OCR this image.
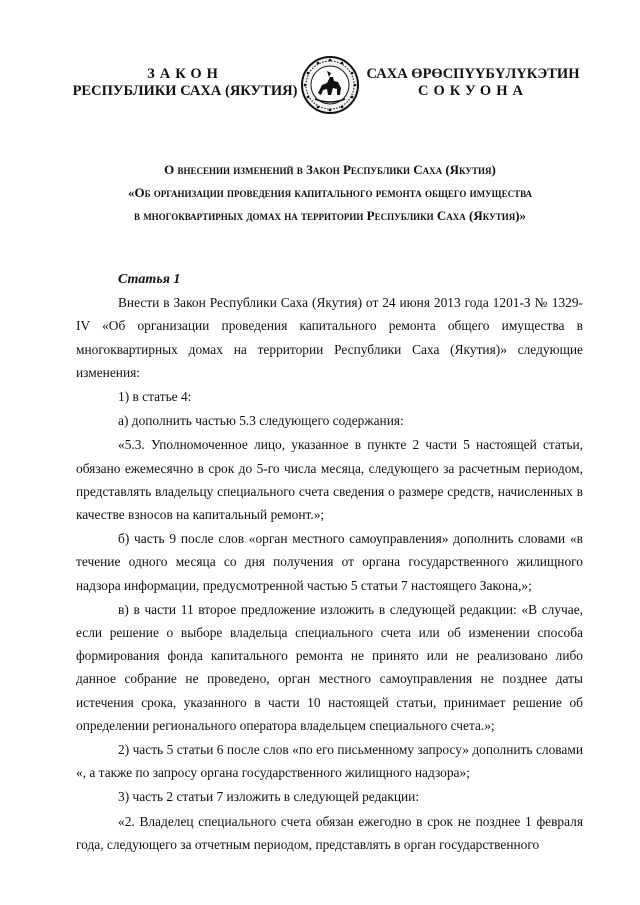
ЗАКОН
РЕСПУБЛИКИ САХА (ЯКУТИЯ)
САХА ӨРӨСПҮҮБҮЛҮКЭТИН
СОКУОНА
О внесении изменений в Закон Республики Саха (Якутия)
«Об организации проведения капитального ремонта общего имущества
в многоквартирных домах на территории Республики Саха (Якутия)»
Статья 1

Внести в Закон Республики Саха (Якутия) от 24 июня 2013 года 1201-З № 1329-IV «Об организации проведения капитального ремонта общего имущества в многоквартирных домах на территории Республики Саха (Якутия)» следующие изменения:

1) в статье 4:

а) дополнить частью 5.3 следующего содержания:

«5.3. Уполномоченное лицо, указанное в пункте 2 части 5 настоящей статьи, обязано ежемесячно в срок до 5-го числа месяца, следующего за расчетным периодом, представлять владельцу специального счета сведения о размере средств, начисленных в качестве взносов на капитальный ремонт.»;

б) часть 9 после слов «орган местного самоуправления» дополнить словами «в течение одного месяца со дня получения от органа государственного жилищного надзора информации, предусмотренной частью 5 статьи 7 настоящего Закона,»;

в) в части 11 второе предложение изложить в следующей редакции: «В случае, если решение о выборе владельца специального счета или об изменении способа формирования фонда капитального ремонта не принято или не реализовано либо данное собрание не проведено, орган местного самоуправления не позднее даты истечения срока, указанного в части 10 настоящей статьи, принимает решение об определении регионального оператора владельцем специального счета.»;

2) часть 5 статьи 6 после слов «по его письменному запросу» дополнить словами «, а также по запросу органа государственного жилищного надзора»;

3) часть 2 статьи 7 изложить в следующей редакции:

«2. Владелец специального счета обязан ежегодно в срок не позднее 1 февраля года, следующего за отчетным периодом, представлять в орган государственного
